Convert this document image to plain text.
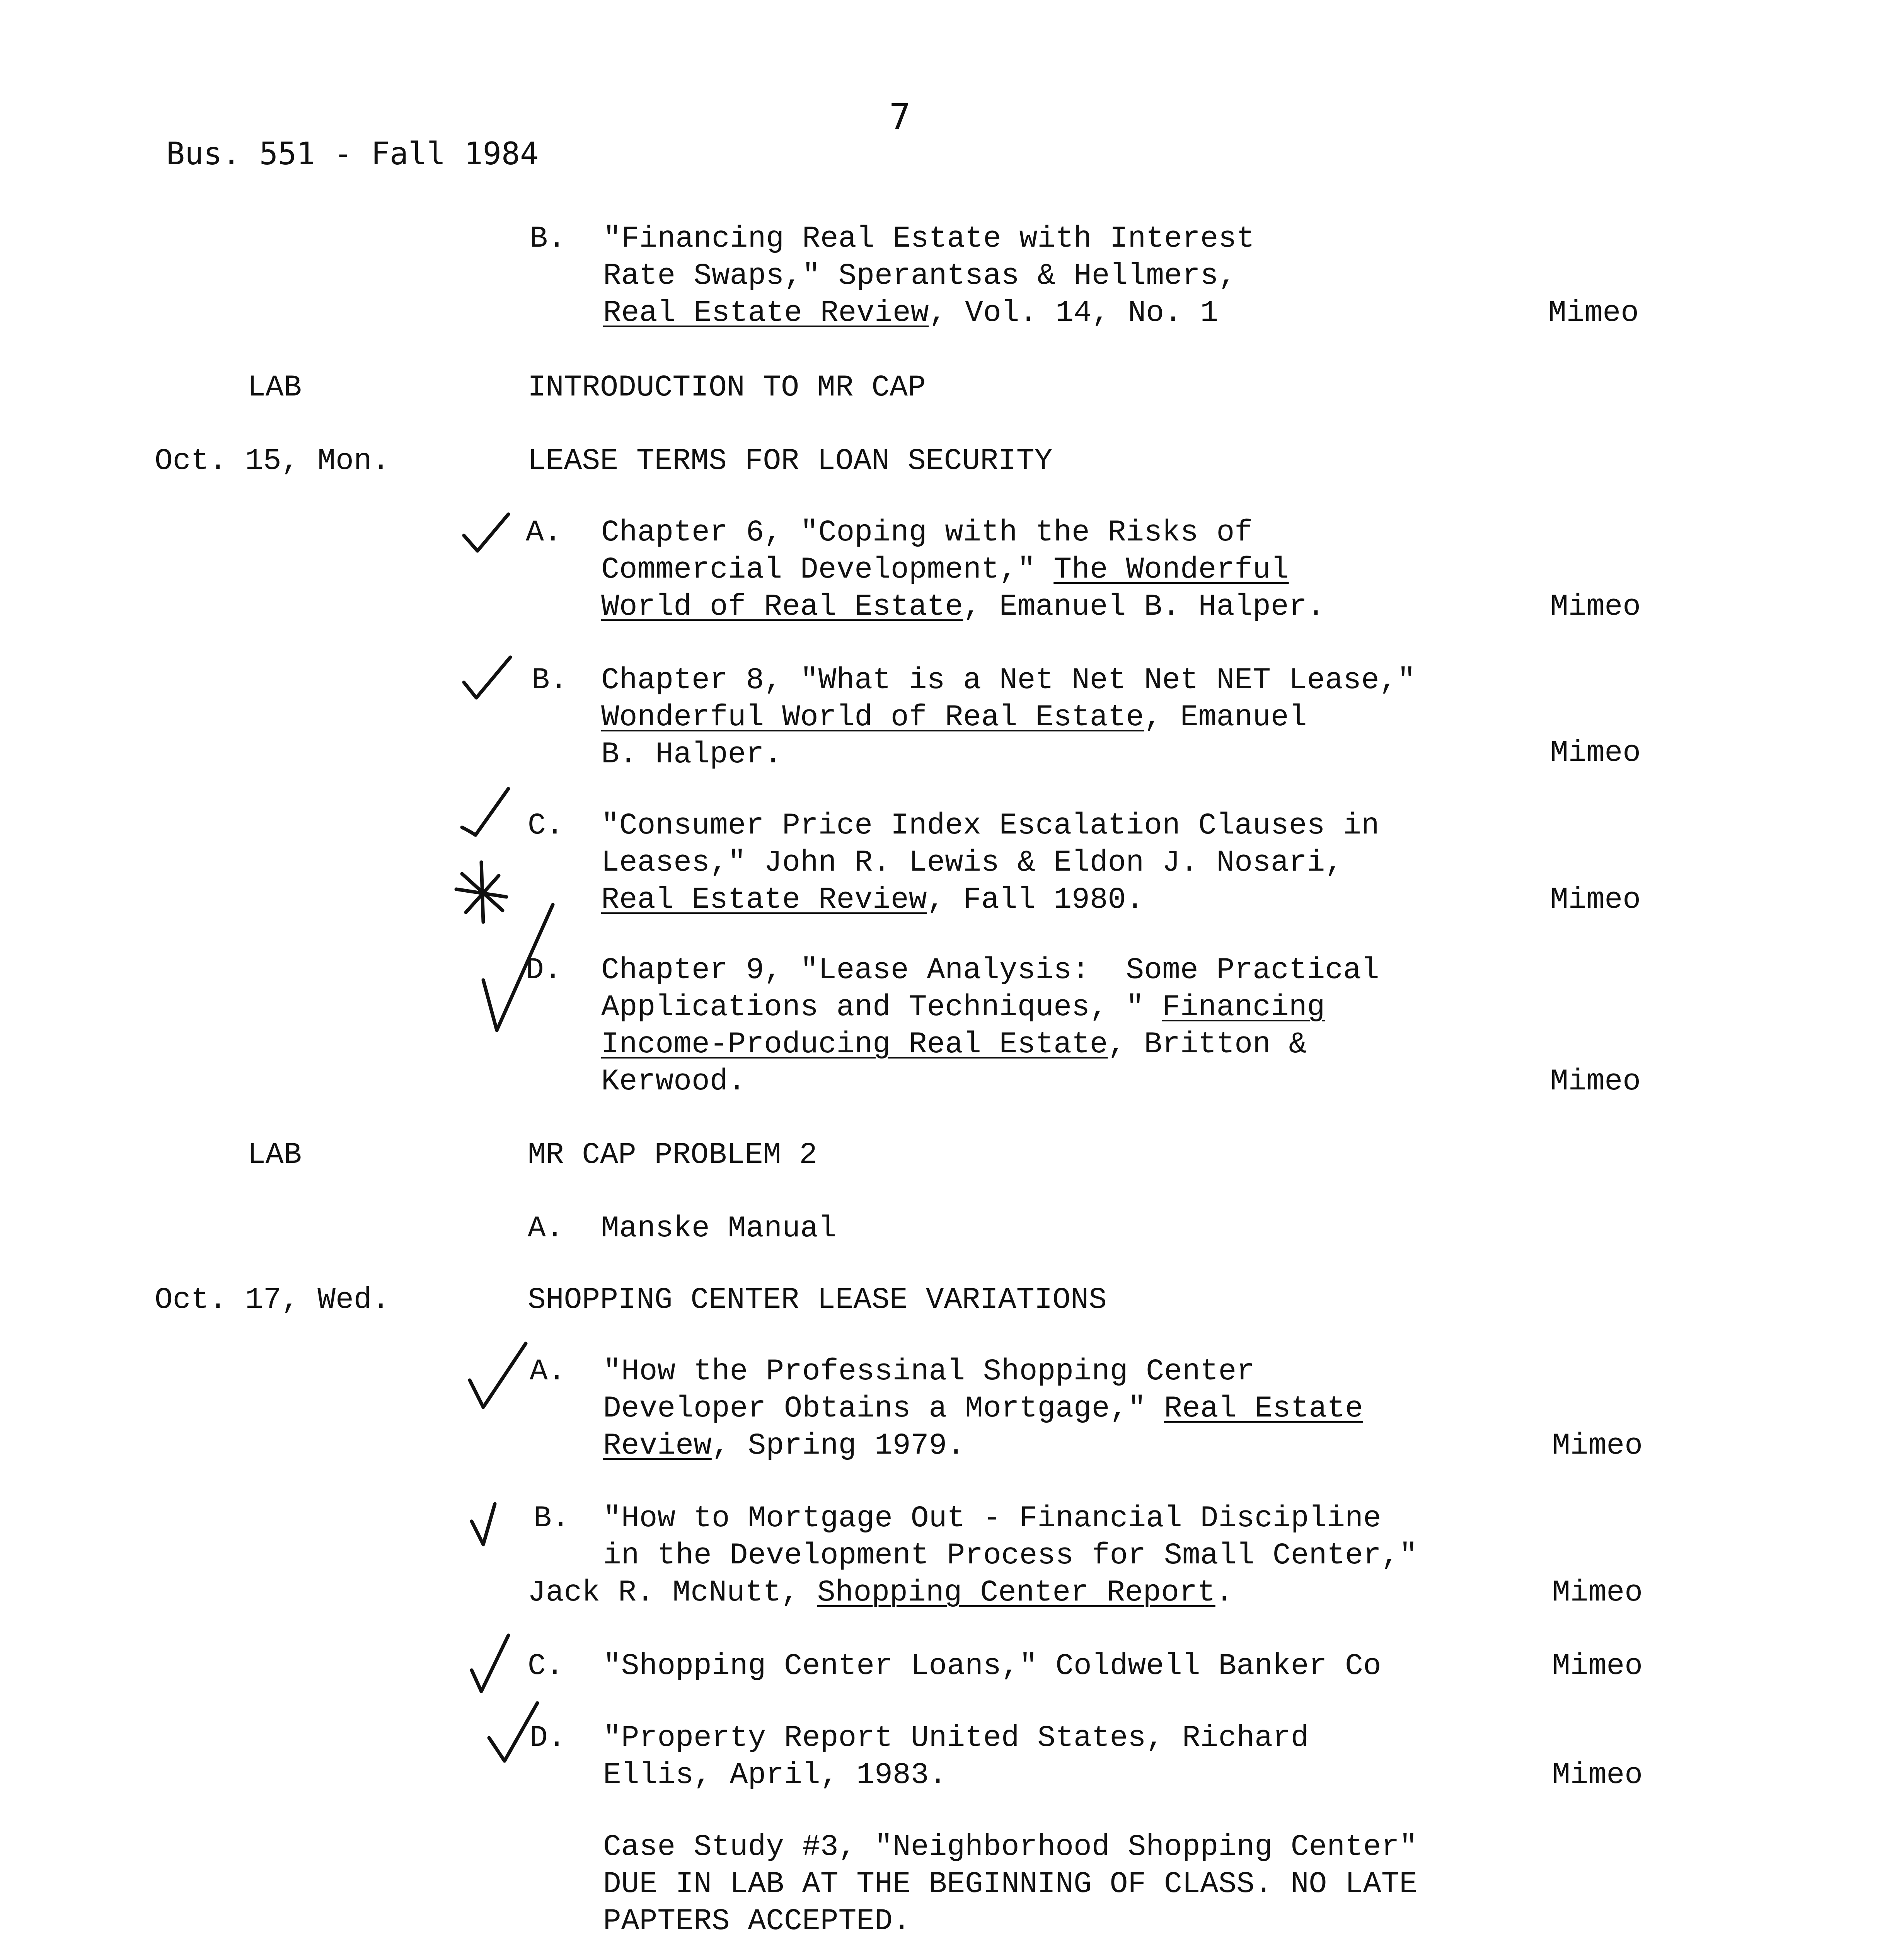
Bus. 551 - Fall 1984
7
B. "Financing Real Estate with Interest
Rate Swaps," Sperantsas & Hellmers,
Real Estate Review, Vol. 14, No. 1	Mimeo
LAB	INTRODUCTION TO MR CAP
Oct. 15, Mon.	LEASE TERMS FOR LOAN SECURITY
A. Chapter 6, "Coping with the Risks of
Commercial Development," The Wonderful
World of Real Estate, Emanuel B. Halper.	Mimeo
B. Chapter 8, "What is a Net Net Net NET Lease,"
Wonderful World of Real Estate, Emanuel
B. Halper.	Mimeo
C. "Consumer Price Index Escalation Clauses in
Leases," John R. Lewis & Eldon J. Nosari,
Real Estate Review, Fall 1980.	Mimeo
D. Chapter 9, "Lease Analysis:  Some Practical
Applications and Techniques, " Financing
Income-Producing Real Estate, Britton &
Kerwood.	Mimeo
LAB	MR CAP PROBLEM 2
A. Manske Manual
Oct. 17, Wed.	SHOPPING CENTER LEASE VARIATIONS
A. "How the Professinal Shopping Center
Developer Obtains a Mortgage," Real Estate
Review, Spring 1979.	Mimeo
B. "How to Mortgage Out - Financial Discipline
in the Development Process for Small Center,"
Jack R. McNutt, Shopping Center Report.	Mimeo
C. "Shopping Center Loans," Coldwell Banker Co	Mimeo
D. "Property Report United States, Richard
Ellis, April, 1983.	Mimeo
Case Study #3, "Neighborhood Shopping Center"
DUE IN LAB AT THE BEGINNING OF CLASS. NO LATE
PAPTERS ACCEPTED.
